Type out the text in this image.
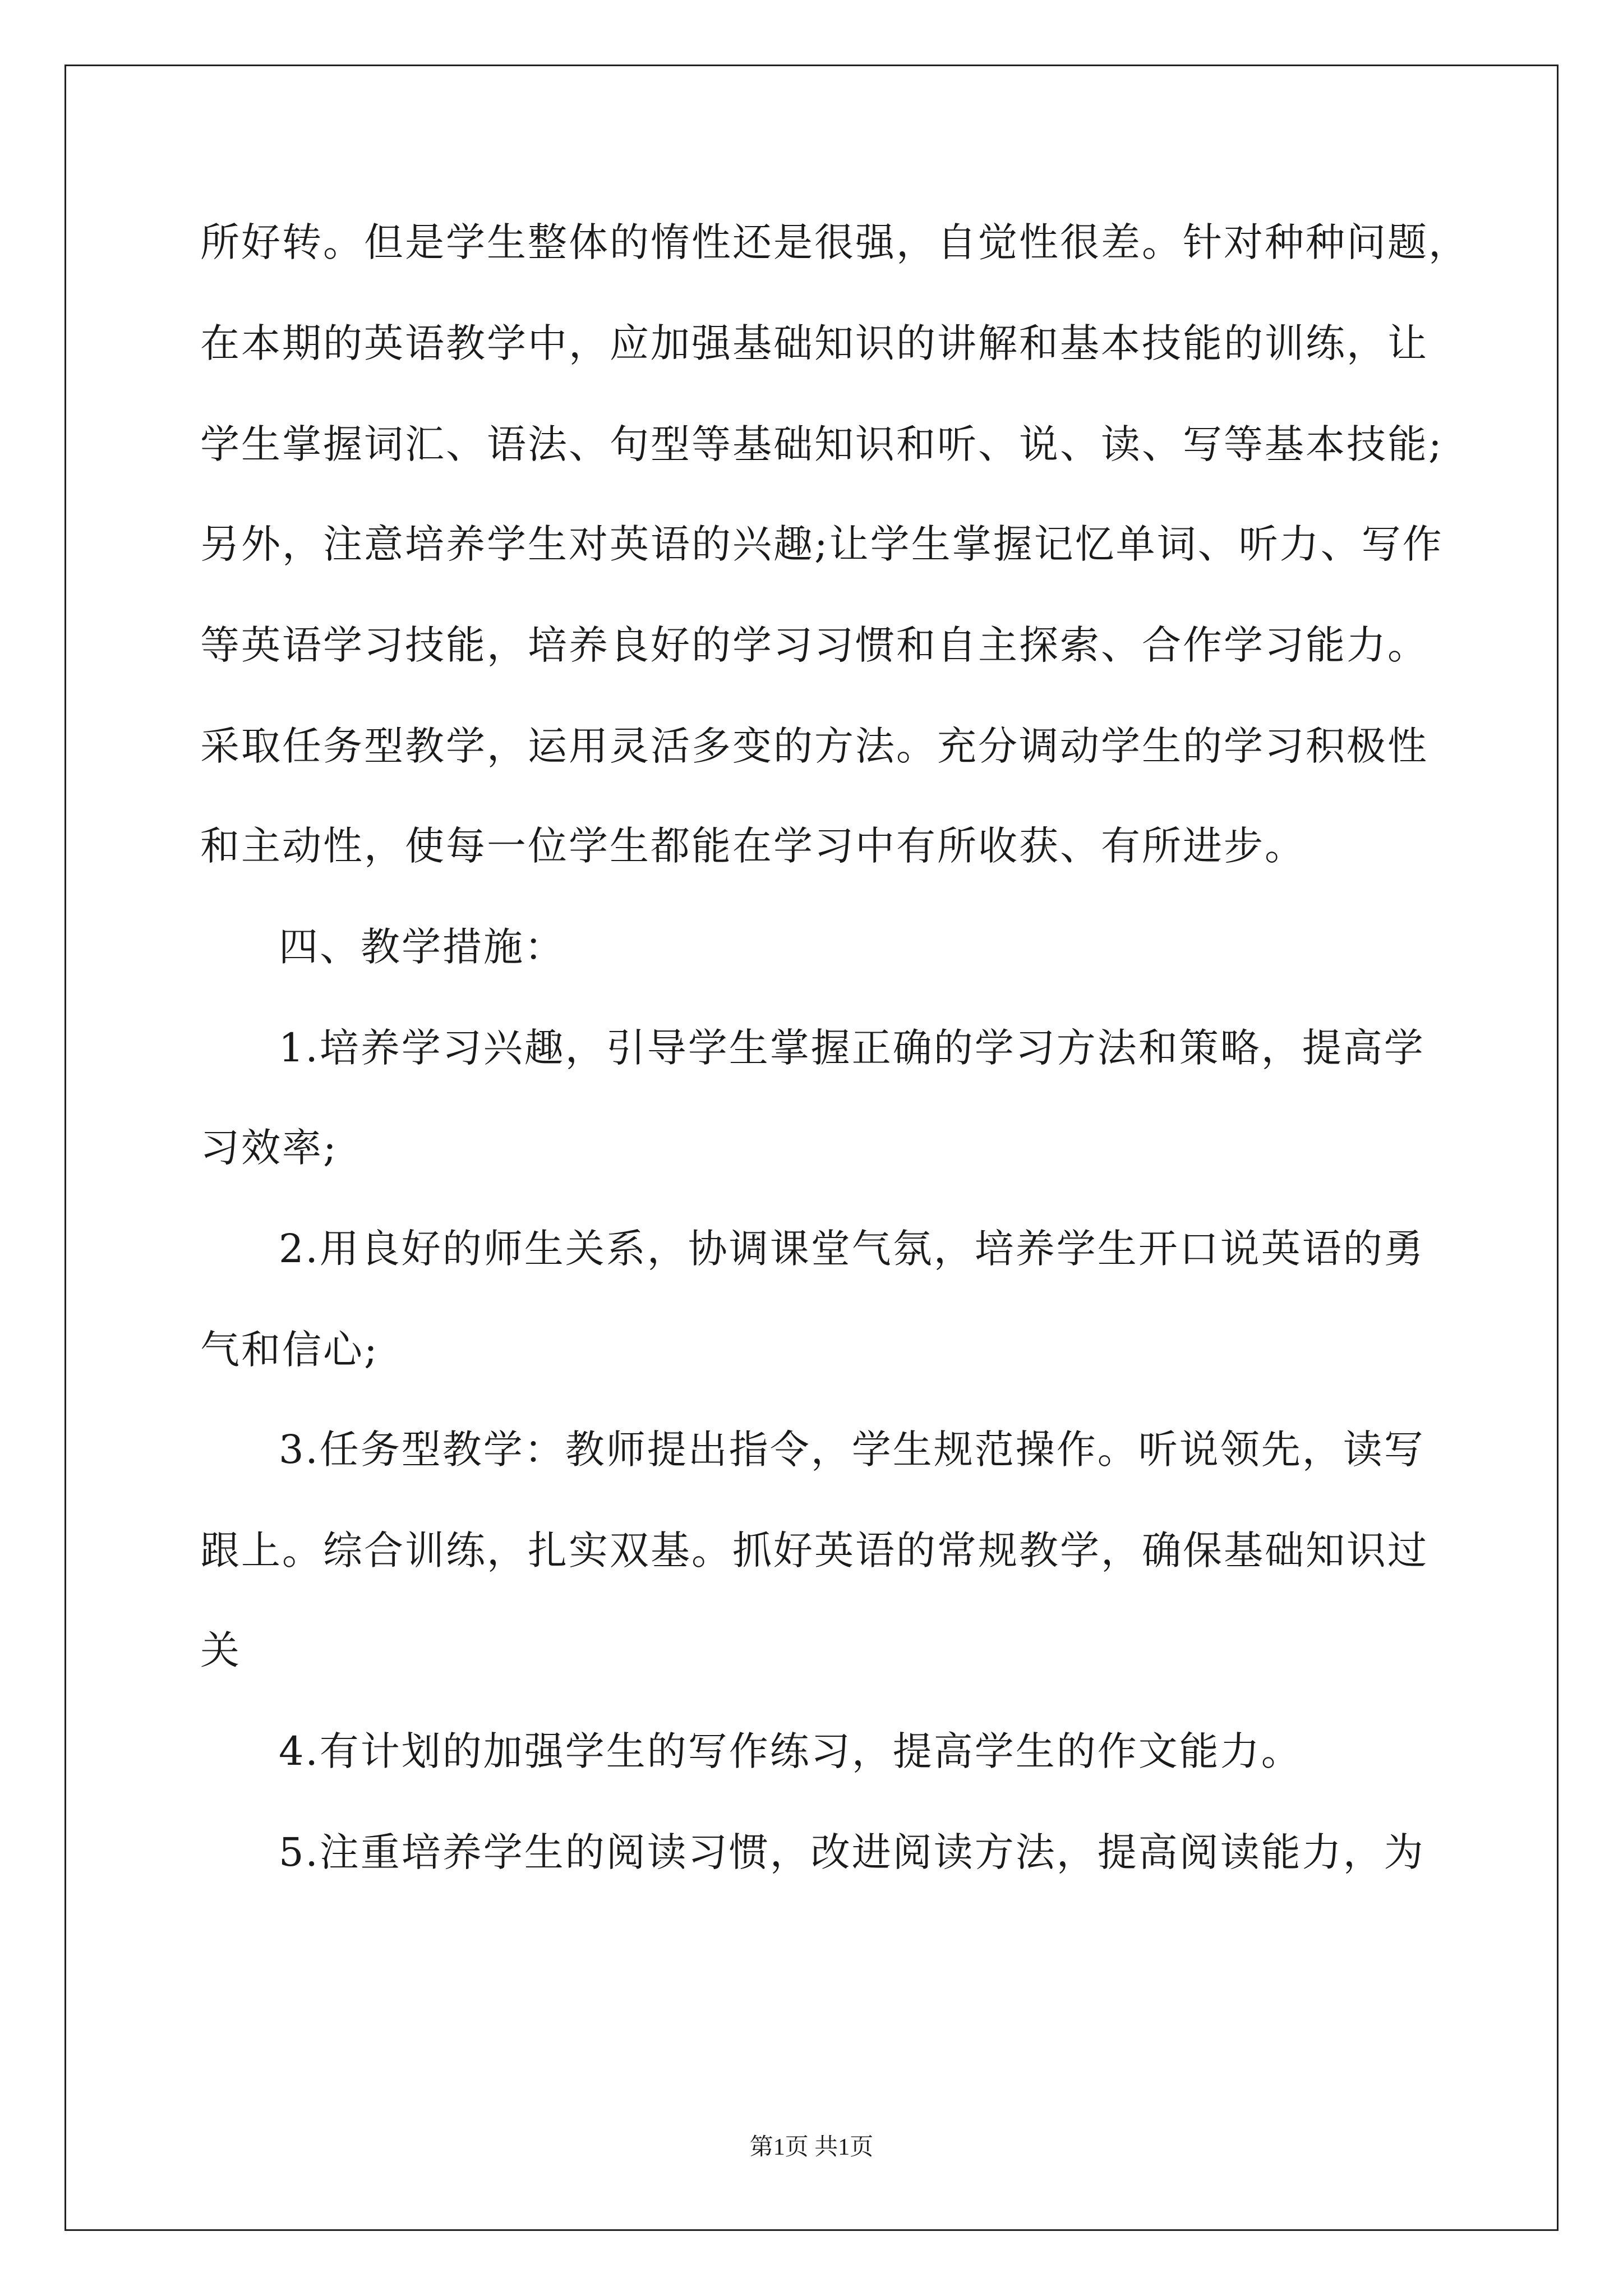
所好转。但是学生整体的惰性还是很强，自觉性很差。针对种种问题，
在本期的英语教学中，应加强基础知识的讲解和基本技能的训练，让
学生掌握词汇、语法、句型等基础知识和听、说、读、写等基本技能;
另外，注意培养学生对英语的兴趣;让学生掌握记忆单词、听力、写作
等英语学习技能，培养良好的学习习惯和自主探索、合作学习能力。
采取任务型教学，运用灵活多变的方法。充分调动学生的学习积极性
和主动性，使每一位学生都能在学习中有所收获、有所进步。
四、教学措施：
1.培养学习兴趣，引导学生掌握正确的学习方法和策略，提高学
习效率;
2.用良好的师生关系，协调课堂气氛，培养学生开口说英语的勇
气和信心;
3.任务型教学：教师提出指令，学生规范操作。听说领先，读写
跟上。综合训练，扎实双基。抓好英语的常规教学，确保基础知识过
关
4.有计划的加强学生的写作练习，提高学生的作文能力。
5.注重培养学生的阅读习惯，改进阅读方法，提高阅读能力，为
第1页 共1页
